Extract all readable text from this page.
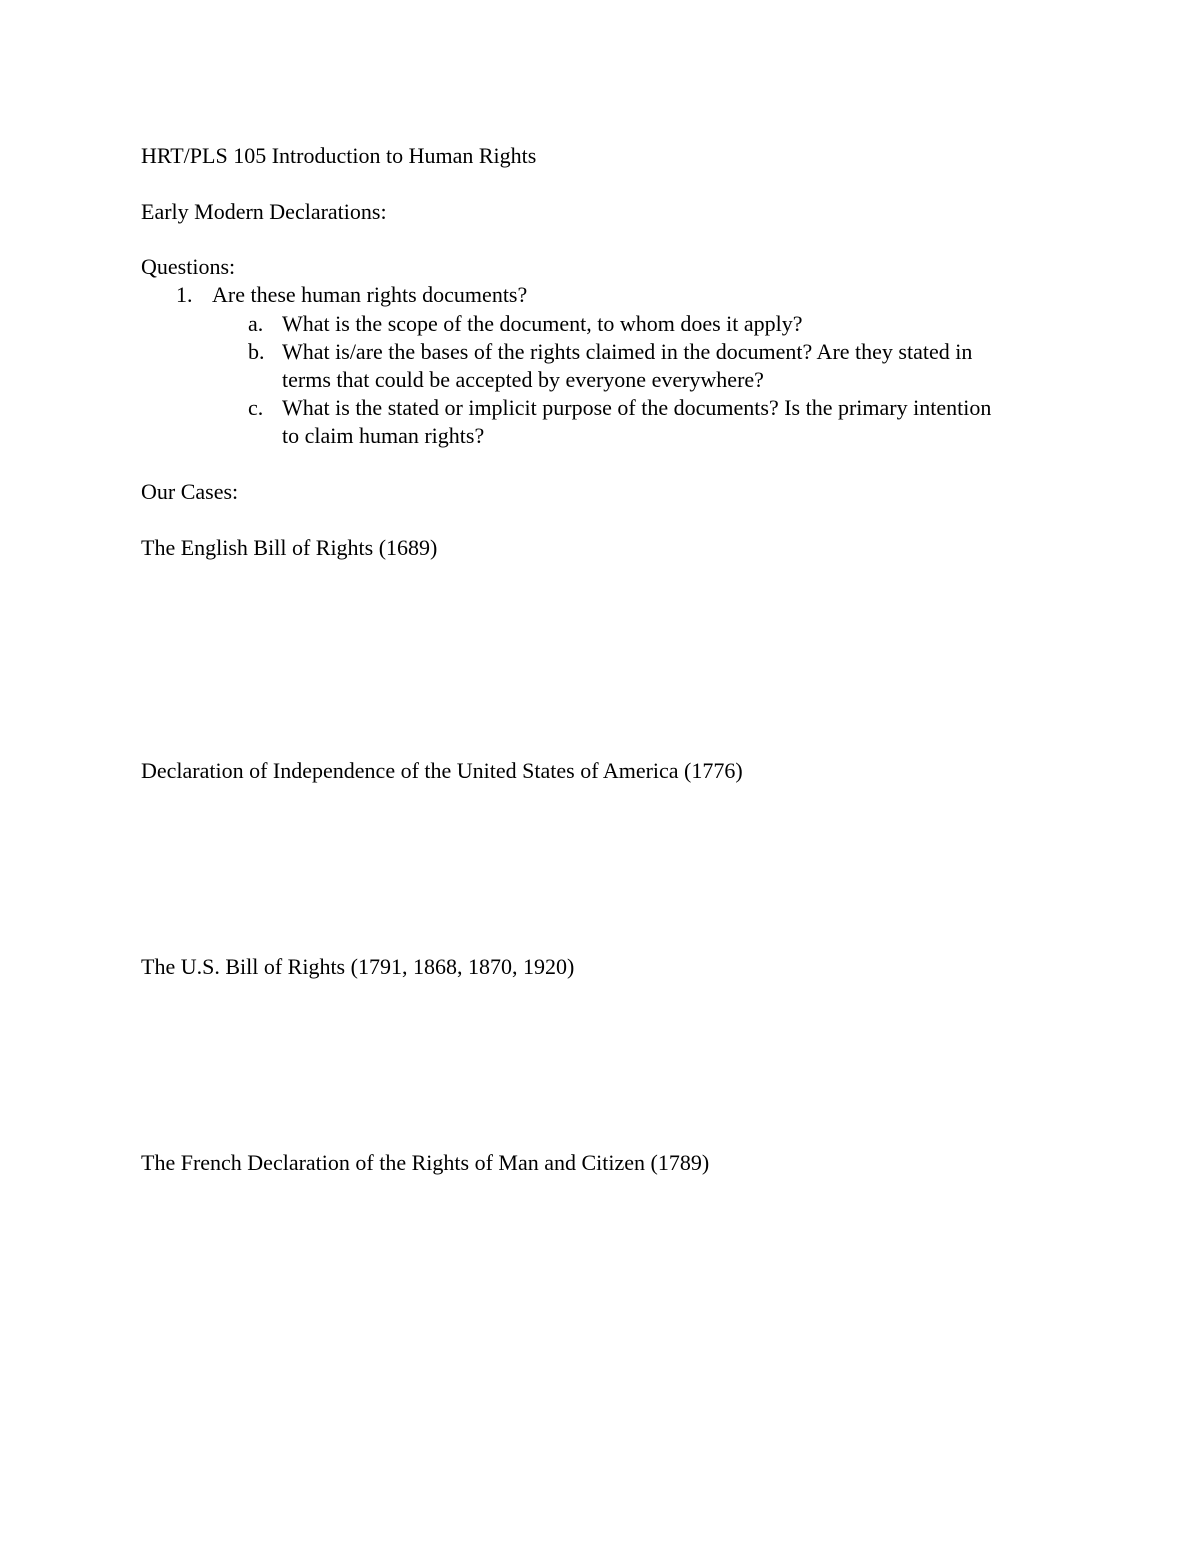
HRT/PLS 105 Introduction to Human Rights
Early Modern Declarations:
Questions:
1. Are these human rights documents?
a. What is the scope of the document, to whom does it apply?
b. What is/are the bases of the rights claimed in the document? Are they stated in
terms that could be accepted by everyone everywhere?
c. What is the stated or implicit purpose of the documents? Is the primary intention
to claim human rights?
Our Cases:
The English Bill of Rights (1689)
Declaration of Independence of the United States of America (1776)
The U.S. Bill of Rights (1791, 1868, 1870, 1920)
The French Declaration of the Rights of Man and Citizen (1789)
